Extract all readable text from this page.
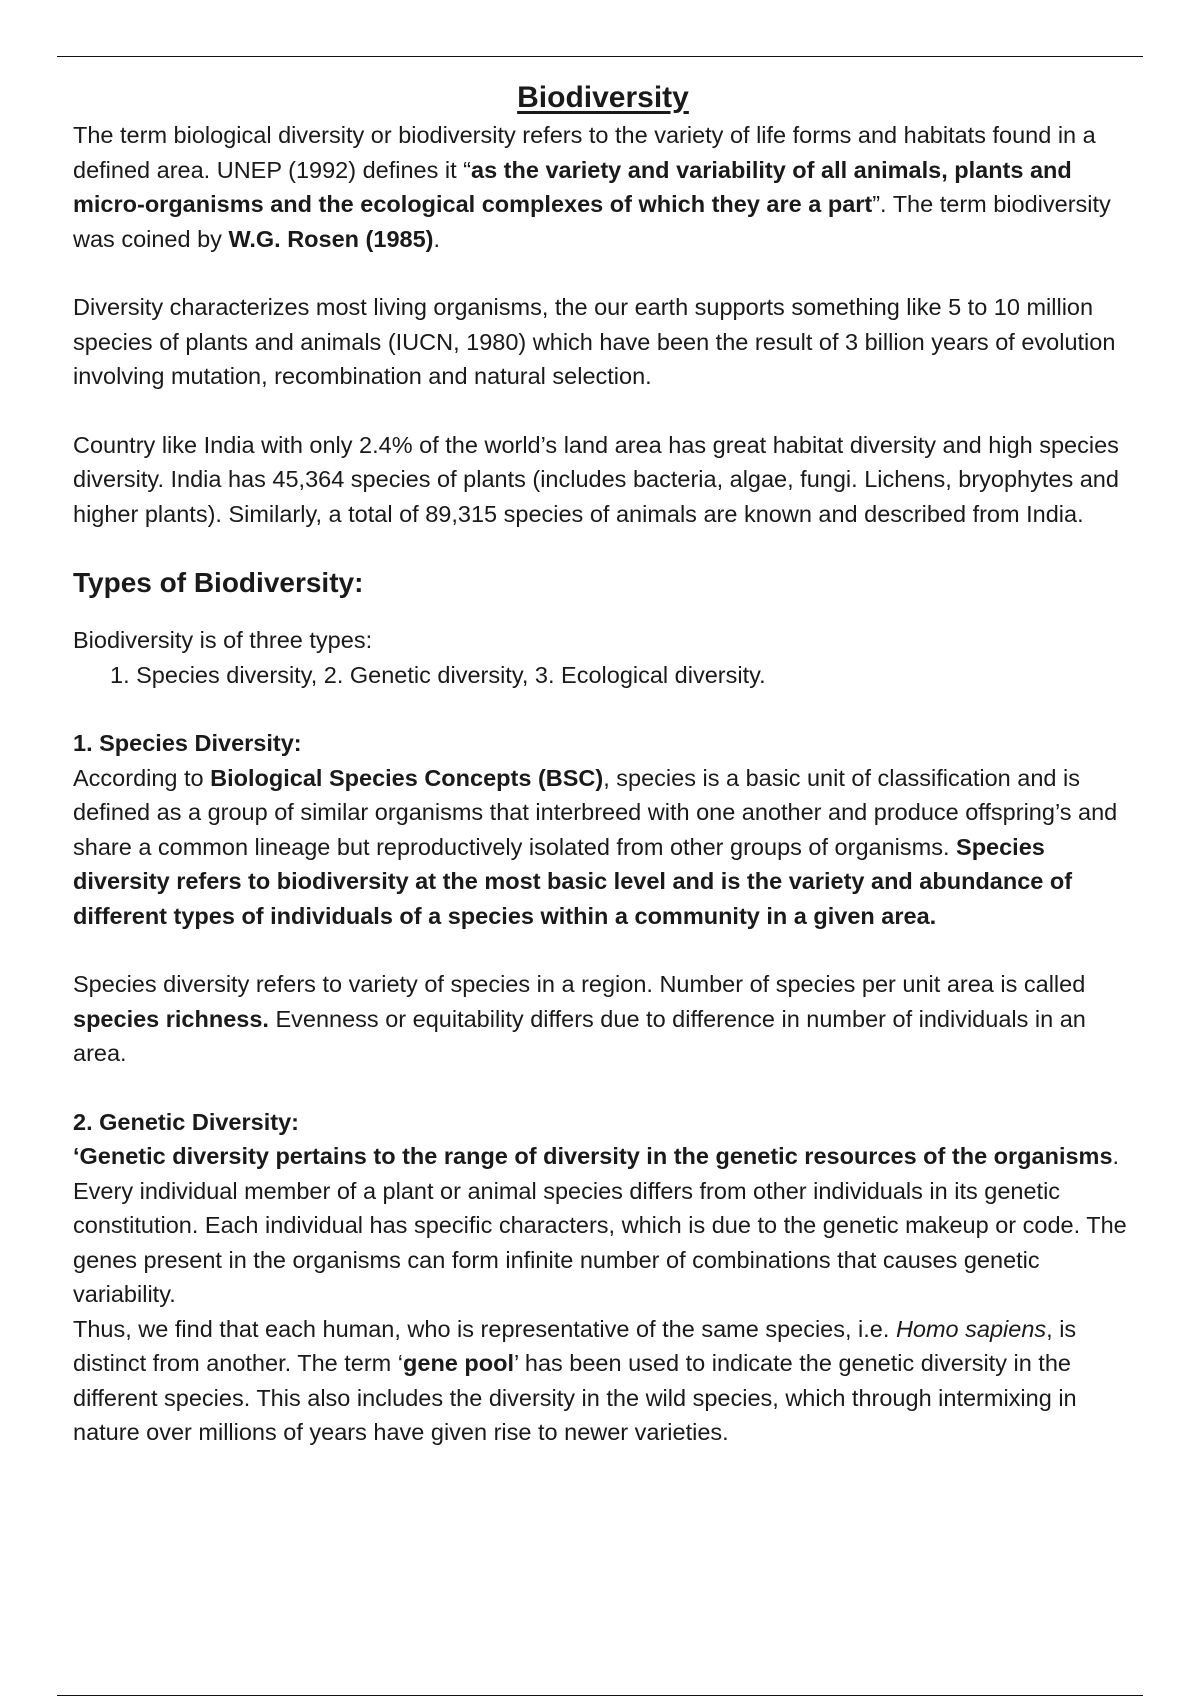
Biodiversity

The term biological diversity or biodiversity refers to the variety of life forms and habitats found in a defined area. UNEP (1992) defines it “as the variety and variability of all animals, plants and micro-organisms and the ecological complexes of which they are a part”. The term biodiversity was coined by W.G. Rosen (1985).

Diversity characterizes most living organisms, the our earth supports something like 5 to 10 million species of plants and animals (IUCN, 1980) which have been the result of 3 billion years of evolution involving mutation, recombination and natural selection.

Country like India with only 2.4% of the world’s land area has great habitat diversity and high species diversity. India has 45,364 species of plants (includes bacteria, algae, fungi. Lichens, bryophytes and higher plants). Similarly, a total of 89,315 species of animals are known and described from India.

Types of Biodiversity:

Biodiversity is of three types:

1. Species diversity, 2. Genetic diversity, 3. Ecological diversity.

1. Species Diversity:

According to Biological Species Concepts (BSC), species is a basic unit of classification and is defined as a group of similar organisms that interbreed with one another and produce offspring’s and share a common lineage but reproductively isolated from other groups of organisms. Species diversity refers to biodiversity at the most basic level and is the variety and abundance of different types of individuals of a species within a community in a given area.

Species diversity refers to variety of species in a region. Number of species per unit area is called species richness. Evenness or equitability differs due to difference in number of individuals in an area.

2. Genetic Diversity:

‘Genetic diversity pertains to the range of diversity in the genetic resources of the organisms. Every individual member of a plant or animal species differs from other individuals in its genetic constitution. Each individual has specific characters, which is due to the genetic makeup or code. The genes present in the organisms can form infinite number of combinations that causes genetic variability.

Thus, we find that each human, who is representative of the same species, i.e. Homo sapiens, is distinct from another. The term ‘gene pool’ has been used to indicate the genetic diversity in the different species. This also includes the diversity in the wild species, which through intermixing in nature over millions of years have given rise to newer varieties.
